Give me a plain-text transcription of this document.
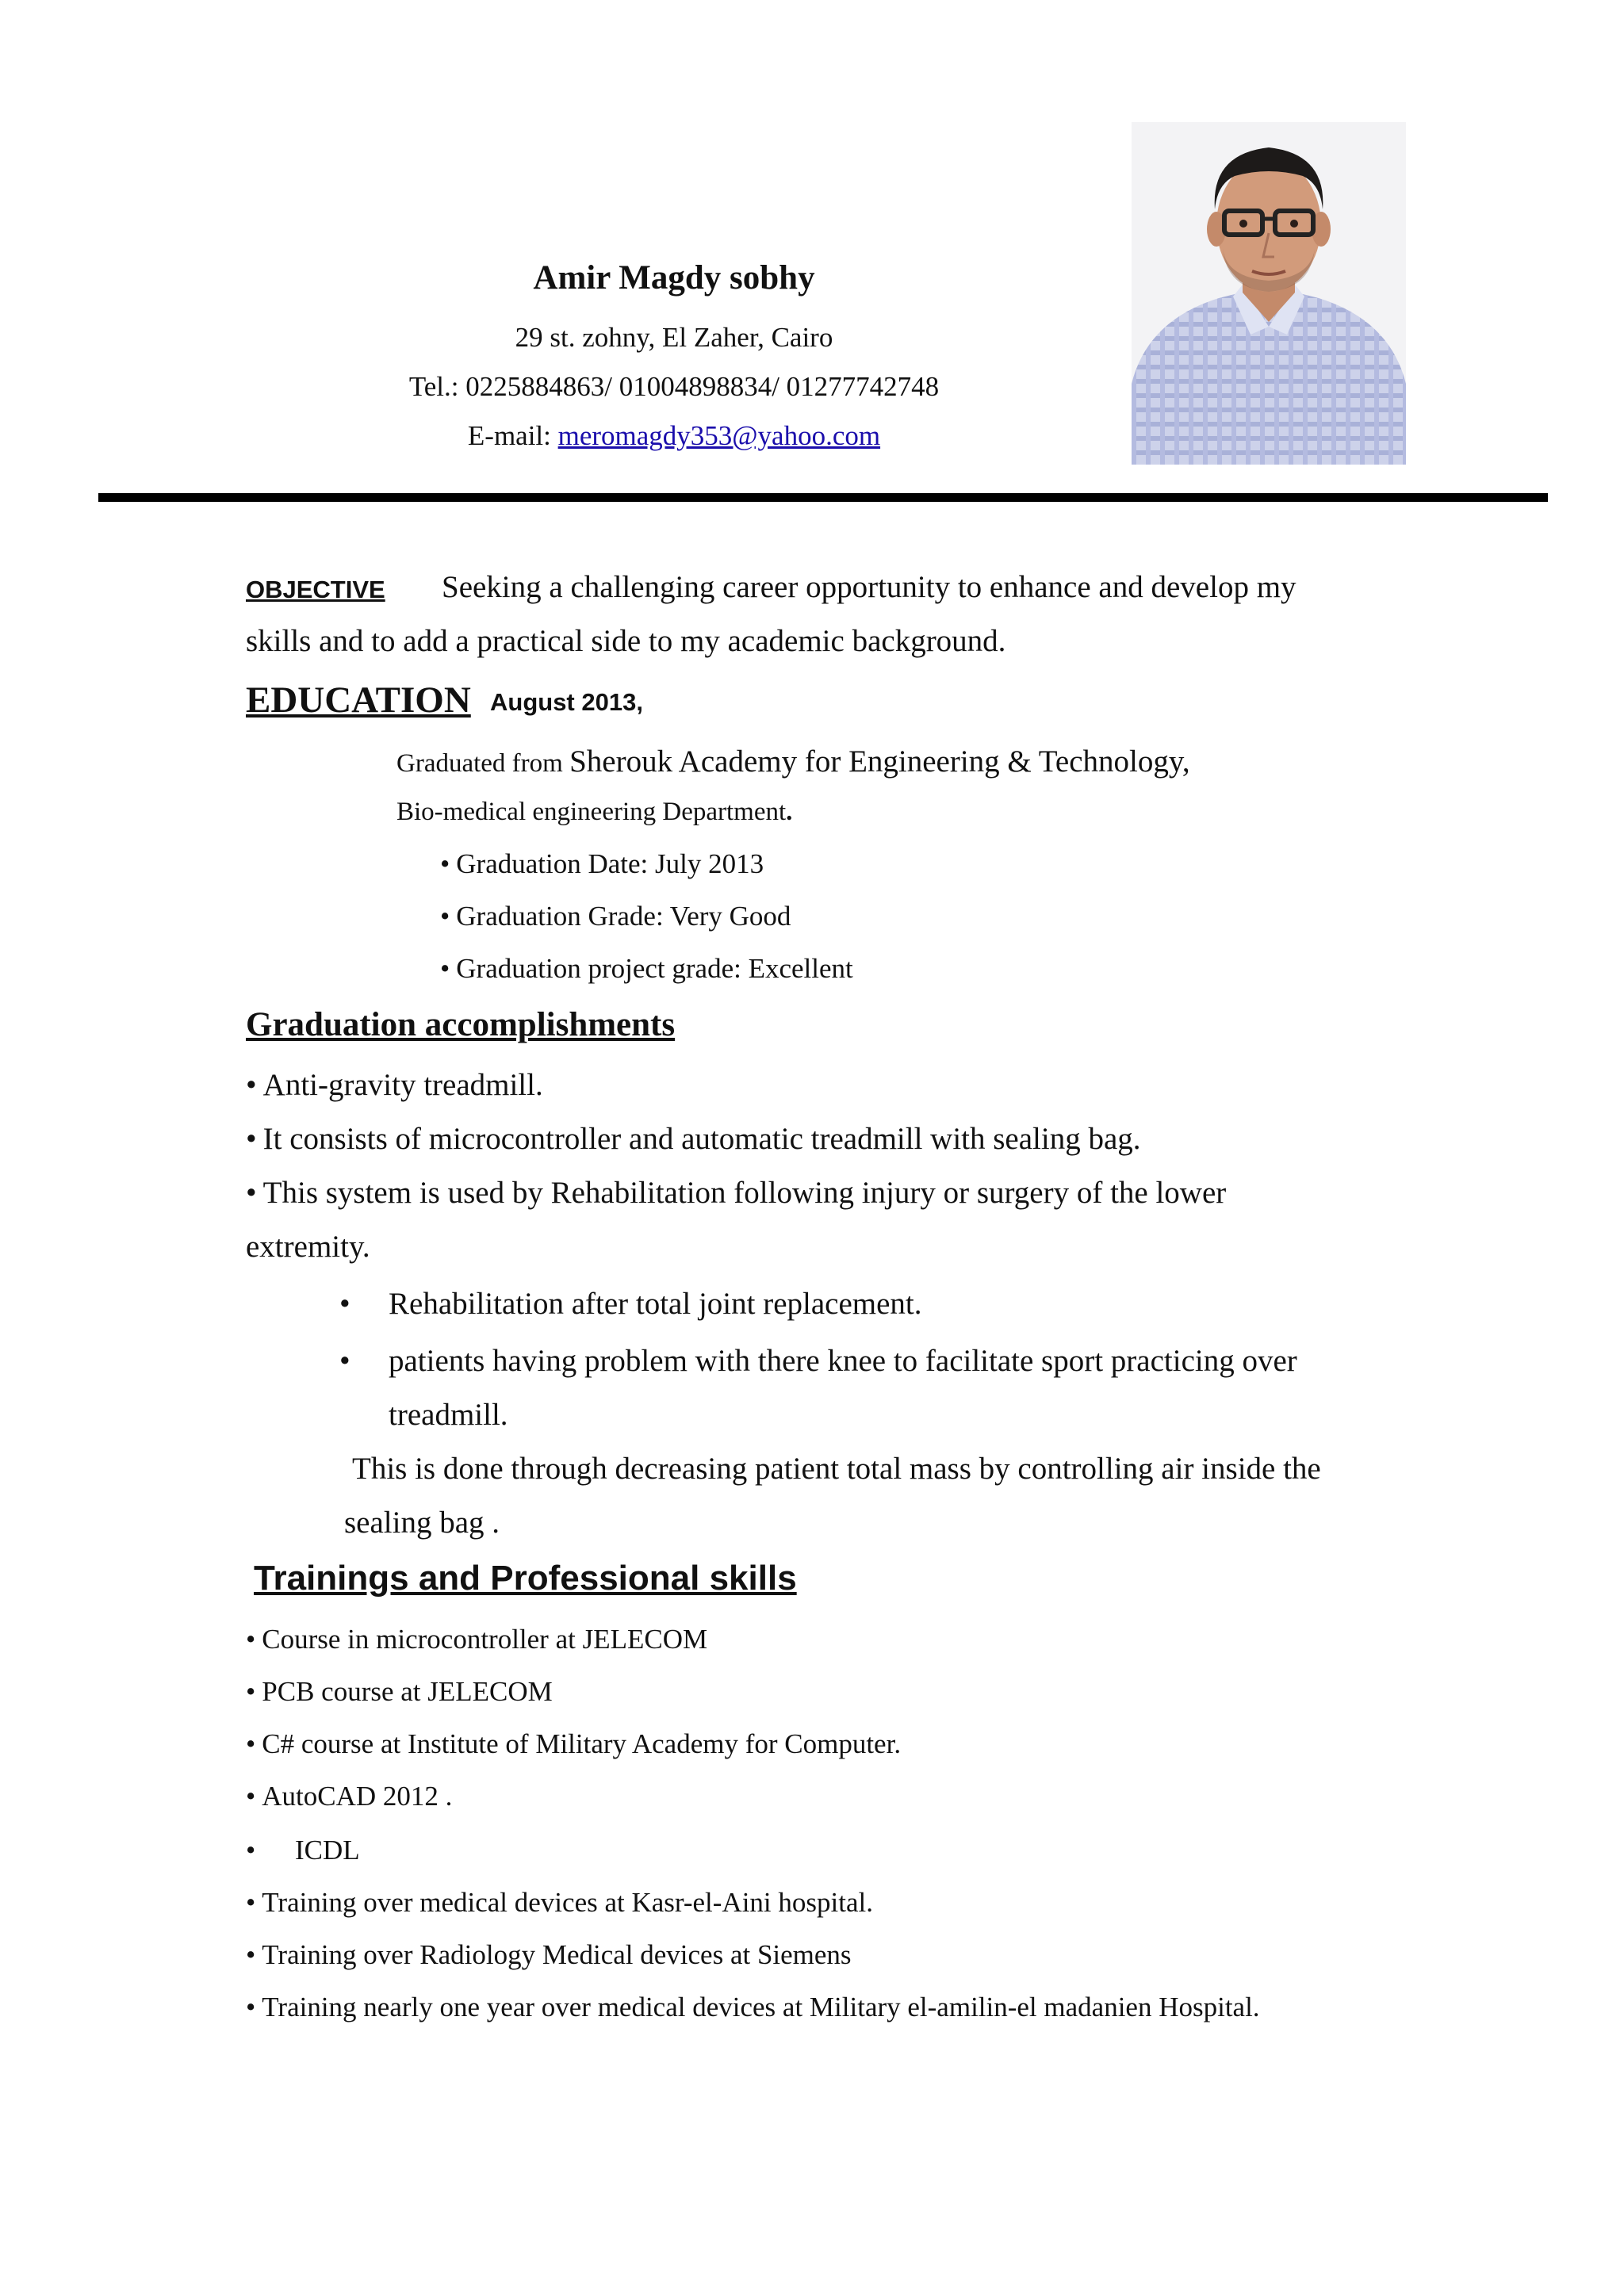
Amir Magdy sobhy
29 st. zohny, El Zaher, Cairo
Tel.: 0225884863/ 01004898834/ 01277742748
E-mail: meromagdy353@yahoo.com
OBJECTIVE Seeking a challenging career opportunity to enhance and develop my
skills and to add a practical side to my academic background.
EDUCATION August 2013,
Graduated from Sherouk Academy for Engineering & Technology,
Bio-medical engineering Department.
• Graduation Date: July 2013
• Graduation Grade: Very Good
• Graduation project grade: Excellent
Graduation accomplishments
• Anti-gravity treadmill.
• It consists of microcontroller and automatic treadmill with sealing bag.
• This system is used by Rehabilitation following injury or surgery of the lower
extremity.
• Rehabilitation after total joint replacement.
• patients having problem with there knee to facilitate sport practicing over
treadmill.
This is done through decreasing patient total mass by controlling air inside the
sealing bag .
Trainings and Professional skills
• Course in microcontroller at JELECOM
• PCB course at JELECOM
• C# course at Institute of Military Academy for Computer.
• AutoCAD 2012 .
• ICDL
• Training over medical devices at Kasr-el-Aini hospital.
• Training over Radiology Medical devices at Siemens
• Training nearly one year over medical devices at Military el-amilin-el madanien Hospital.
